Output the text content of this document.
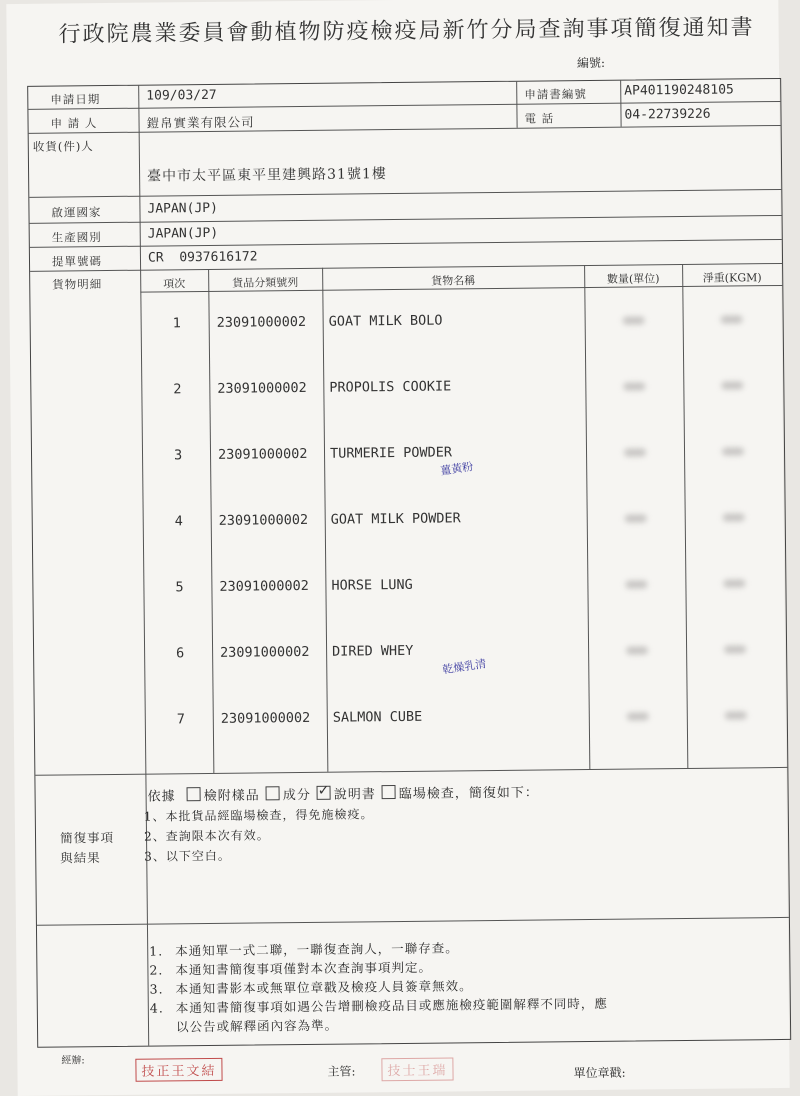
行政院農業委員會動植物防疫檢疫局新竹分局查詢事項簡復通知書
編號:
申請日期	109/03/27	申請書編號	AP401190248105
申 請 人	鎧帛實業有限公司	電 話	04-22739226
收貨(件)人
臺中市太平區東平里建興路31號1樓
啟運國家	JAPAN(JP)
生產國別	JAPAN(JP)
提單號碼	CR  0937616172
貨物明細	項次	貨品分類號列	貨物名稱	數量(單位)	淨重(KGM)
1	23091000002 GOAT MILK BOLO
2	23091000002 PROPOLIS COOKIE
3	23091000002 TURMERIE POWDER
薑黃粉
4	23091000002 GOAT MILK POWDER
5	23091000002 HORSE LUNG
6	23091000002 DIRED WHEY
乾燥乳清
7	23091000002 SALMON CUBE
簡復事項與結果
依據 檢附樣品 成分✓ 說明書 臨場檢查，簡復如下：
1、本批貨品經臨場檢查，得免施檢疫。
2、查詢限本次有效。
3、以下空白。
1. 本通知單一式二聯，一聯復查詢人，一聯存查。
2. 本通知書簡復事項僅對本次查詢事項判定。
3. 本通知書影本或無單位章戳及檢疫人員簽章無效。
4. 本通知書簡復事項如遇公告增刪檢疫品目或應施檢疫範圍解釋不同時，應
以公告或解釋函內容為準。
經辦:
技正王文結	主管:	技士王瑞	單位章戳:
